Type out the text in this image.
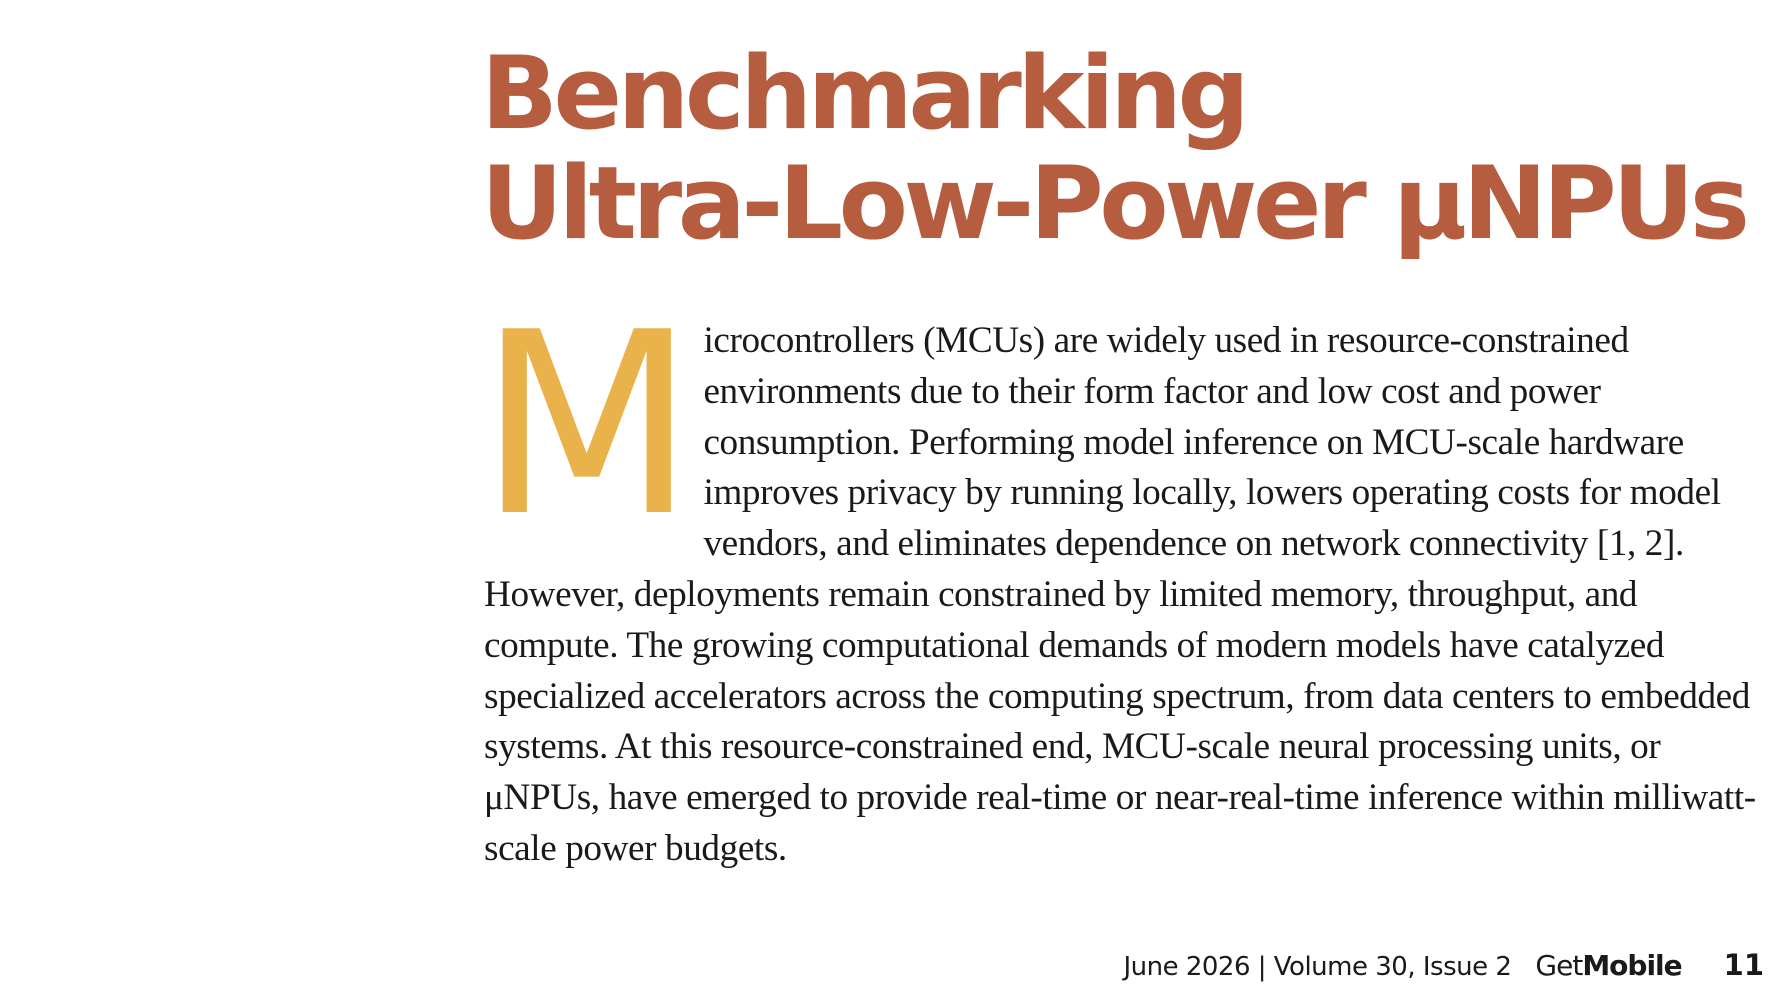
Benchmarking
Ultra-Low-Power μNPUs
Microcontrollers (MCUs) are widely used in resource-constrained environments due to their form factor and low cost and power consumption. Performing model inference on MCU-scale hardware improves privacy by running locally, lowers operating costs for model vendors, and eliminates dependence on network connectivity [1, 2]. However, deployments remain constrained by limited memory, throughput, and compute. The growing computational demands of modern models have catalyzed specialized accelerators across the computing spectrum, from data centers to embedded systems. At this resource-constrained end, MCU-scale neural processing units, or μNPUs, have emerged to provide real-time or near-real-time inference within milliwatt-scale power budgets.
June 2026 | Volume 30, Issue 2 GetMobile 11
